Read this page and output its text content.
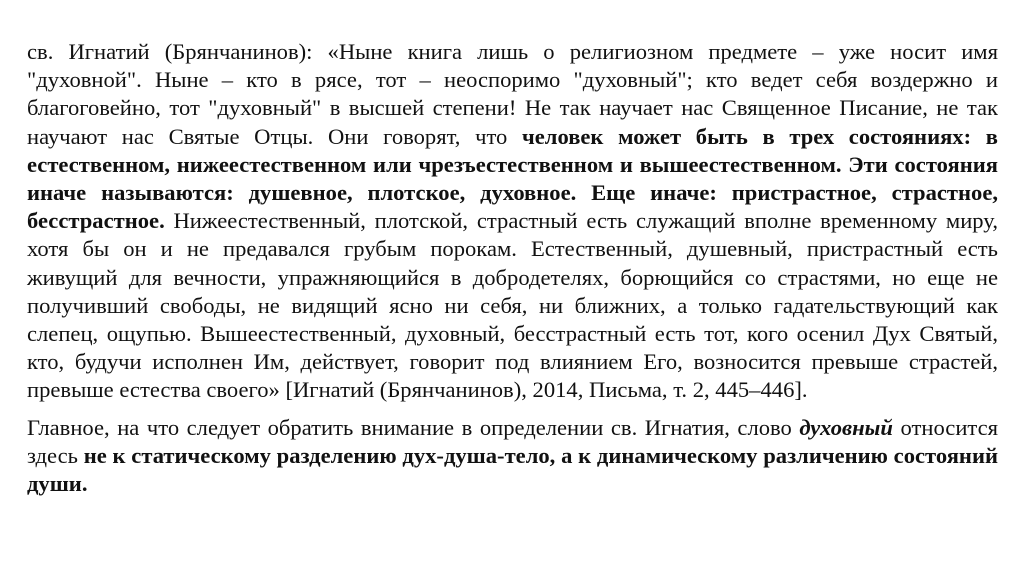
св. Игнатий (Брянчанинов): «Ныне книга лишь о религиозном предмете – уже носит имя "духовной". Ныне – кто в рясе, тот – неоспоримо "духовный"; кто ведет себя воздержно и благоговейно, тот "духовный" в высшей степени! Не так научает нас Священное Писание, не так научают нас Святые Отцы. Они говорят, что человек может быть в трех состояниях: в естественном, нижеестественном или чрезъестественном и вышеестественном. Эти состояния иначе называются: душевное, плотское, духовное. Еще иначе: пристрастное, страстное, бесстрастное. Нижеестественный, плотской, страстный есть служащий вполне временному миру, хотя бы он и не предавался грубым порокам. Естественный, душевный, пристрастный есть живущий для вечности, упражняющийся в добродетелях, борющийся со страстями, но еще не получивший свободы, не видящий ясно ни себя, ни ближних, а только гадательствующий как слепец, ощупью. Вышеестественный, духовный, бесстрастный есть тот, кого осенил Дух Святый, кто, будучи исполнен Им, действует, говорит под влиянием Его, возносится превыше страстей, превыше естества своего» [Игнатий (Брянчанинов), 2014, Письма, т. 2, 445–446].

Главное, на что следует обратить внимание в определении св. Игнатия, слово духовный относится здесь не к статическому разделению дух-душа-тело, а к динамическому различению состояний души.
